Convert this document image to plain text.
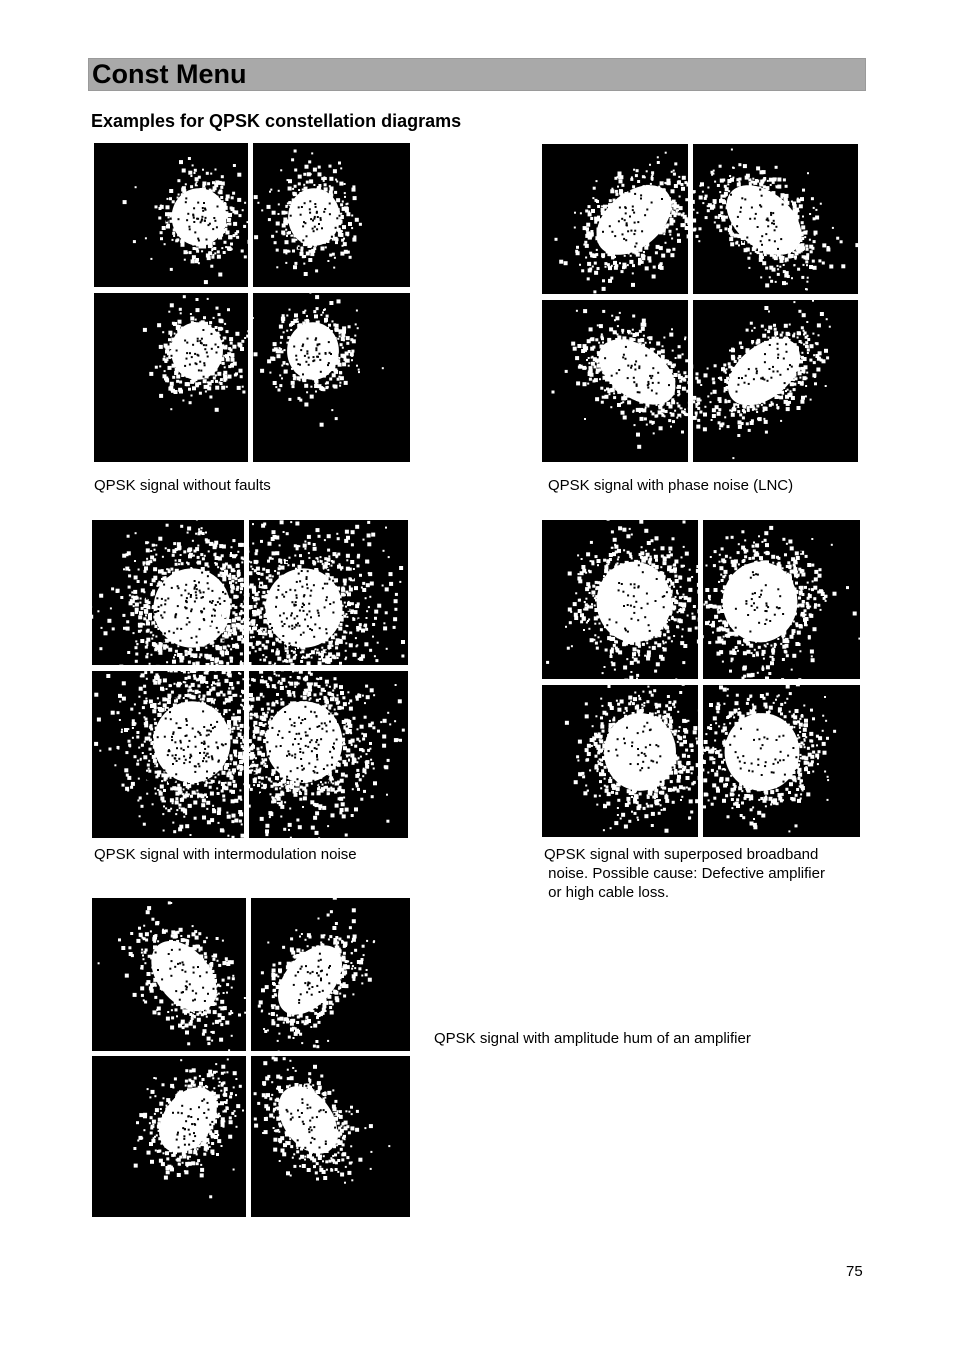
Const Menu
Examples for QPSK constellation diagrams

QPSK signal without faults	QPSK signal with phase noise (LNC)

QPSK signal with intermodulation noise	QPSK signal with superposed broadband
noise. Possible cause: Defective amplifier
or high cable loss.

QPSK signal with amplitude hum of an amplifier

75
